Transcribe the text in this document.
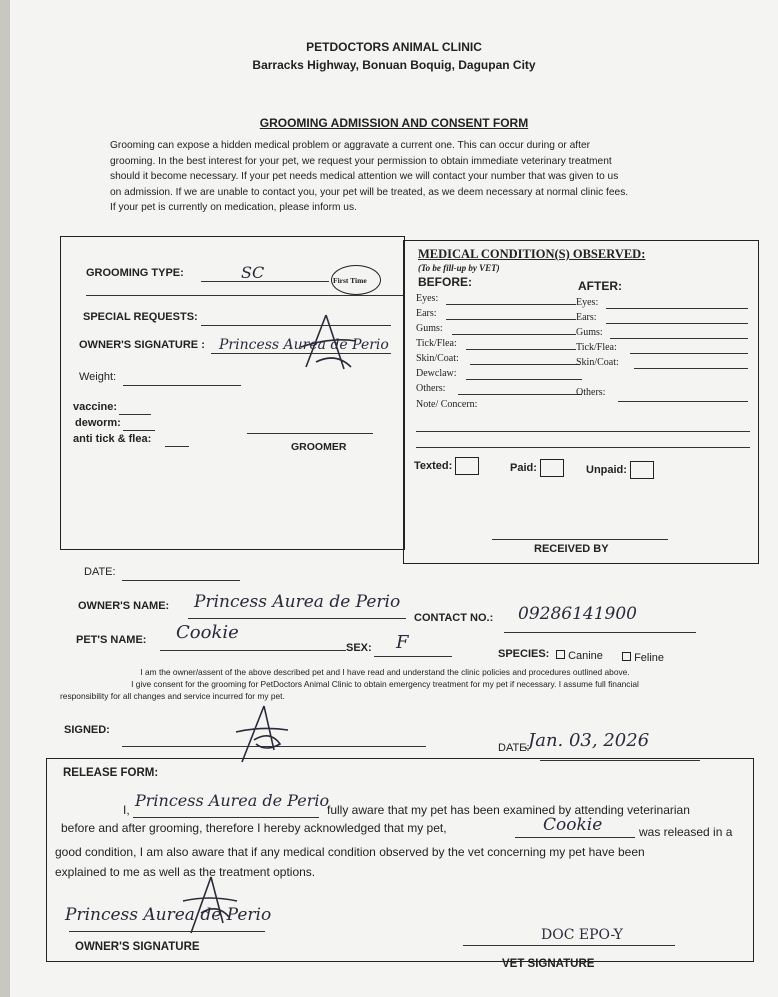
PETDOCTORS ANIMAL CLINIC
Barracks Highway, Bonuan Boquig, Dagupan City
GROOMING ADMISSION AND CONSENT FORM
Grooming can expose a hidden medical problem or aggravate a current one. This can occur during or after
grooming. In the best interest for your pet, we request your permission to obtain immediate veterinary treatment
should it become necessary. If your pet needs medical attention we will contact your number that was given to us
on admission. If we are unable to contact you, your pet will be treated, as we deem necessary at normal clinic fees.
If your pet is currently on medication, please inform us.
GROOMING TYPE:	SC	First Time
SPECIAL REQUESTS:
OWNER'S SIGNATURE : Princess Aurea de Perio
Weight:
vaccine:
deworm:
anti tick & flea:
GROOMER
MEDICAL CONDITION(S) OBSERVED:
(To be fill-up by VET)
BEFORE:	AFTER:
Eyes:
Ears:
Gums:
Tick/Flea:
Skin/Coat:
Dewclaw:
Others:
Eyes:
Ears:
Gums:
Tick/Flea:
Skin/Coat:
Others:
Note/ Concern:
Texted:	Paid:	Unpaid:
RECEIVED BY
DATE:
OWNER'S NAME: Princess Aurea de Perio
CONTACT NO.: 09286141900
PET'S NAME: Cookie
SEX: F
SPECIES:	Canine	Feline
I am the owner/assent of the above described pet and I have read and understand the clinic policies and procedures outlined above.
I give consent for the grooming for PetDoctors Animal Clinic to obtain emergency treatment for my pet if necessary. I assume full financial
responsibility for all changes and service incurred for my pet.
SIGNED:
DATE:
Jan. 03, 2026
RELEASE FORM:
I, Princess Aurea de Perio
fully aware that my pet has been examined by attending veterinarian
before and after grooming, therefore I hereby acknowledged that my pet,	Cookie	was released in a
good condition, I am also aware that if any medical condition observed by the vet concerning my pet have been
explained to me as well as the treatment options.
Princess Aurea de Perio
OWNER'S SIGNATURE
DOC EPO-Y
VET SIGNATURE
